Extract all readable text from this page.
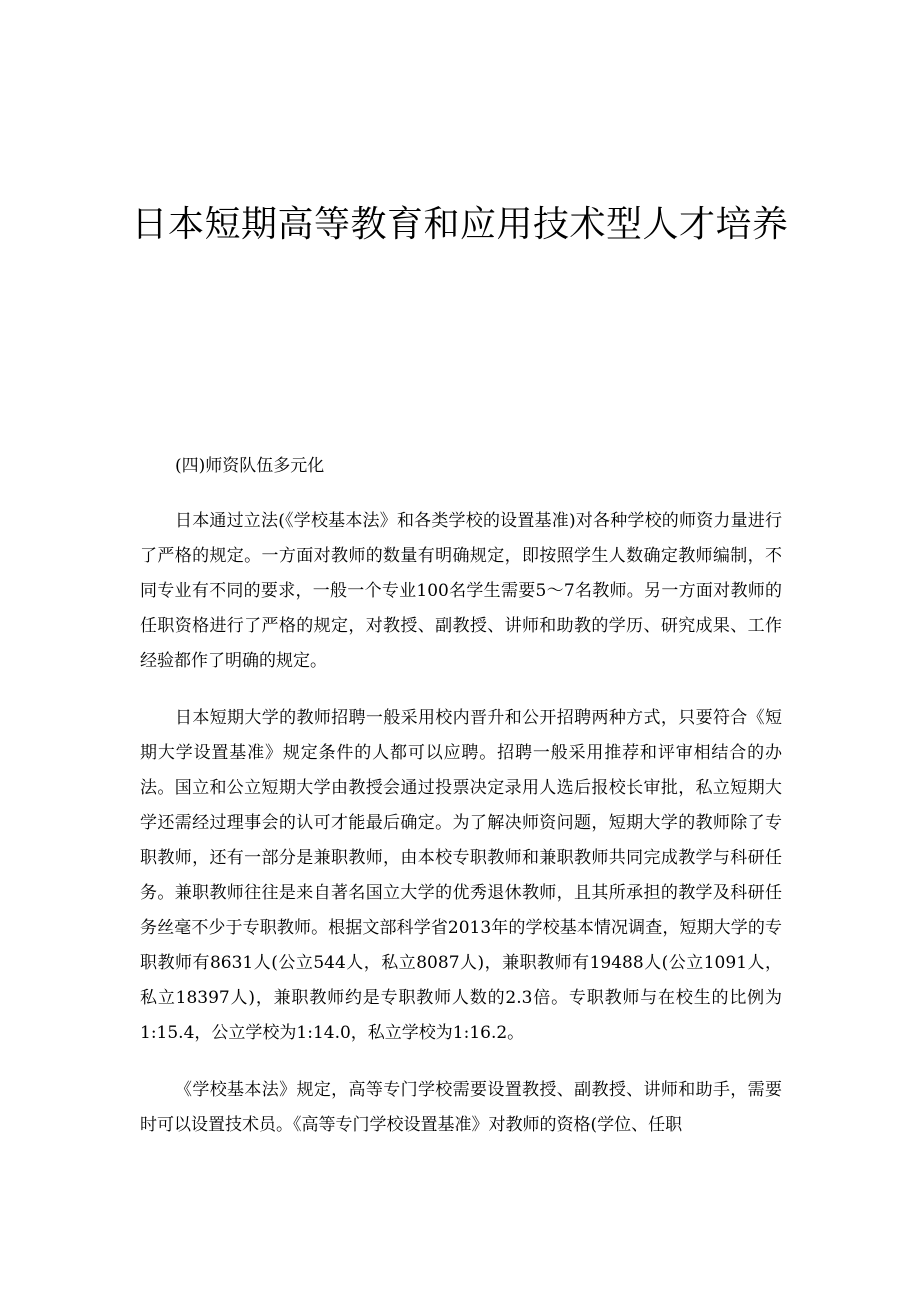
日本短期高等教育和应用技术型人才培养

(四)师资队伍多元化

日本通过立法(《学校基本法》和各类学校的设置基准)对各种学校的师资力量进行了严格的规定。一方面对教师的数量有明确规定，即按照学生人数确定教师编制，不同专业有不同的要求，一般一个专业100名学生需要5～7名教师。另一方面对教师的任职资格进行了严格的规定，对教授、副教授、讲师和助教的学历、研究成果、工作经验都作了明确的规定。

日本短期大学的教师招聘一般采用校内晋升和公开招聘两种方式，只要符合《短期大学设置基准》规定条件的人都可以应聘。招聘一般采用推荐和评审相结合的办法。国立和公立短期大学由教授会通过投票决定录用人选后报校长审批，私立短期大学还需经过理事会的认可才能最后确定。为了解决师资问题，短期大学的教师除了专职教师，还有一部分是兼职教师，由本校专职教师和兼职教师共同完成教学与科研任务。兼职教师往往是来自著名国立大学的优秀退休教师，且其所承担的教学及科研任务丝毫不少于专职教师。根据文部科学省2013年的学校基本情况调查，短期大学的专职教师有8631人(公立544人，私立8087人)，兼职教师有19488人(公立1091人，私立18397人)，兼职教师约是专职教师人数的2.3倍。专职教师与在校生的比例为1:15.4，公立学校为1:14.0，私立学校为1:16.2。

《学校基本法》规定，高等专门学校需要设置教授、副教授、讲师和助手，需要时可以设置技术员。《高等专门学校设置基准》对教师的资格(学位、任职
